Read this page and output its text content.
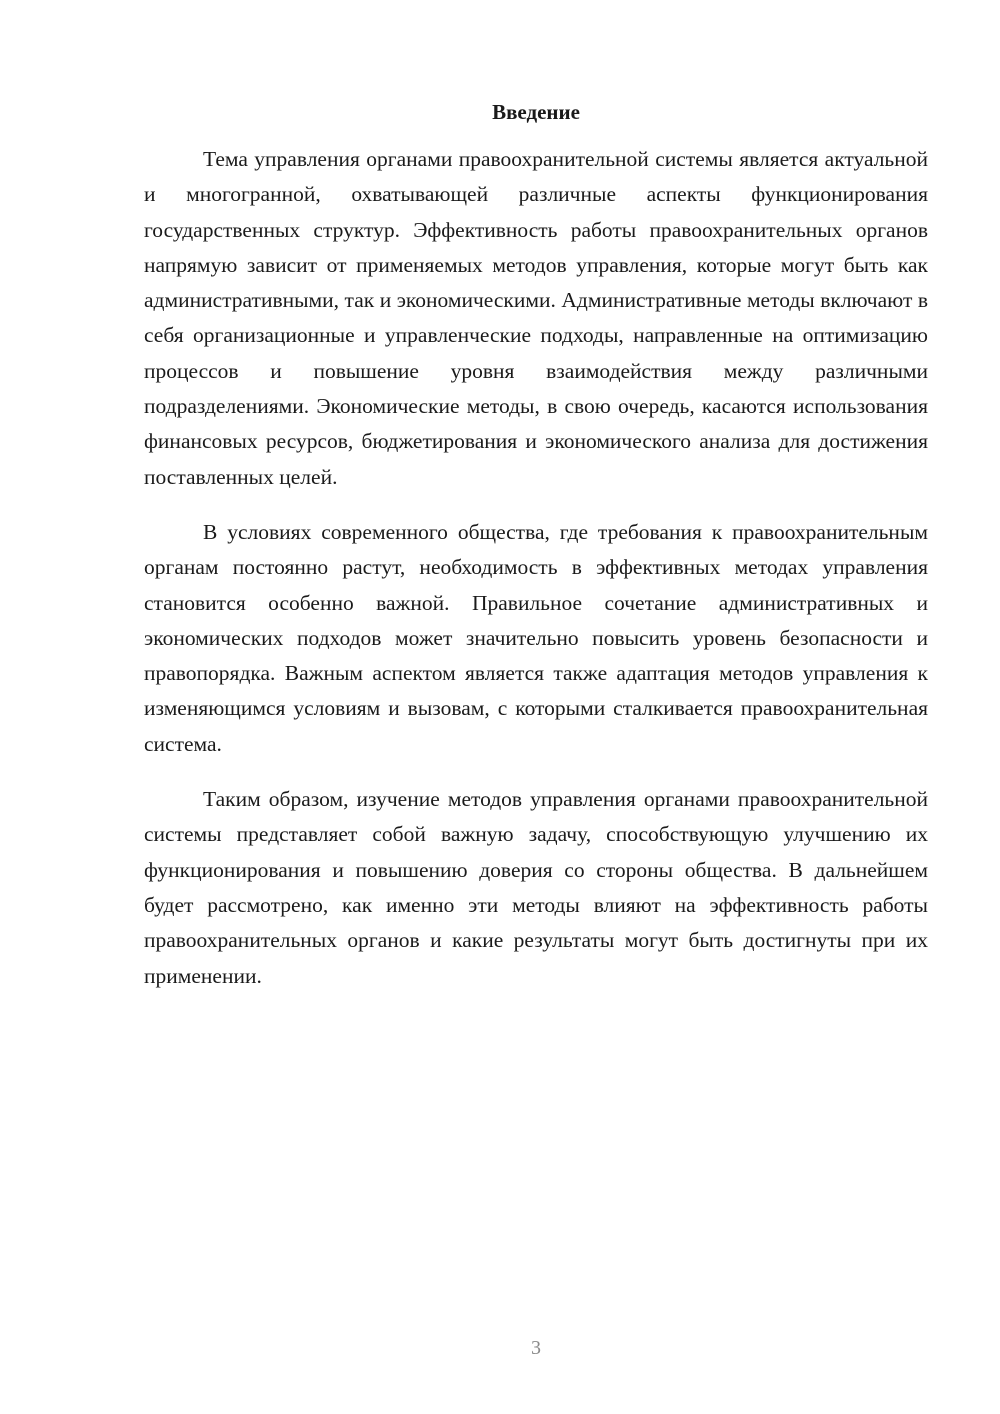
Введение

Тема управления органами правоохранительной системы является актуальной и многогранной, охватывающей различные аспекты функционирования государственных структур. Эффективность работы правоохранительных органов напрямую зависит от применяемых методов управления, которые могут быть как административными, так и экономическими. Административные методы включают в себя организационные и управленческие подходы, направленные на оптимизацию процессов и повышение уровня взаимодействия между различными подразделениями. Экономические методы, в свою очередь, касаются использования финансовых ресурсов, бюджетирования и экономического анализа для достижения поставленных целей.

В условиях современного общества, где требования к правоохранительным органам постоянно растут, необходимость в эффективных методах управления становится особенно важной. Правильное сочетание административных и экономических подходов может значительно повысить уровень безопасности и правопорядка. Важным аспектом является также адаптация методов управления к изменяющимся условиям и вызовам, с которыми сталкивается правоохранительная система.

Таким образом, изучение методов управления органами правоохранительной системы представляет собой важную задачу, способствующую улучшению их функционирования и повышению доверия со стороны общества. В дальнейшем будет рассмотрено, как именно эти методы влияют на эффективность работы правоохранительных органов и какие результаты могут быть достигнуты при их применении.

3
